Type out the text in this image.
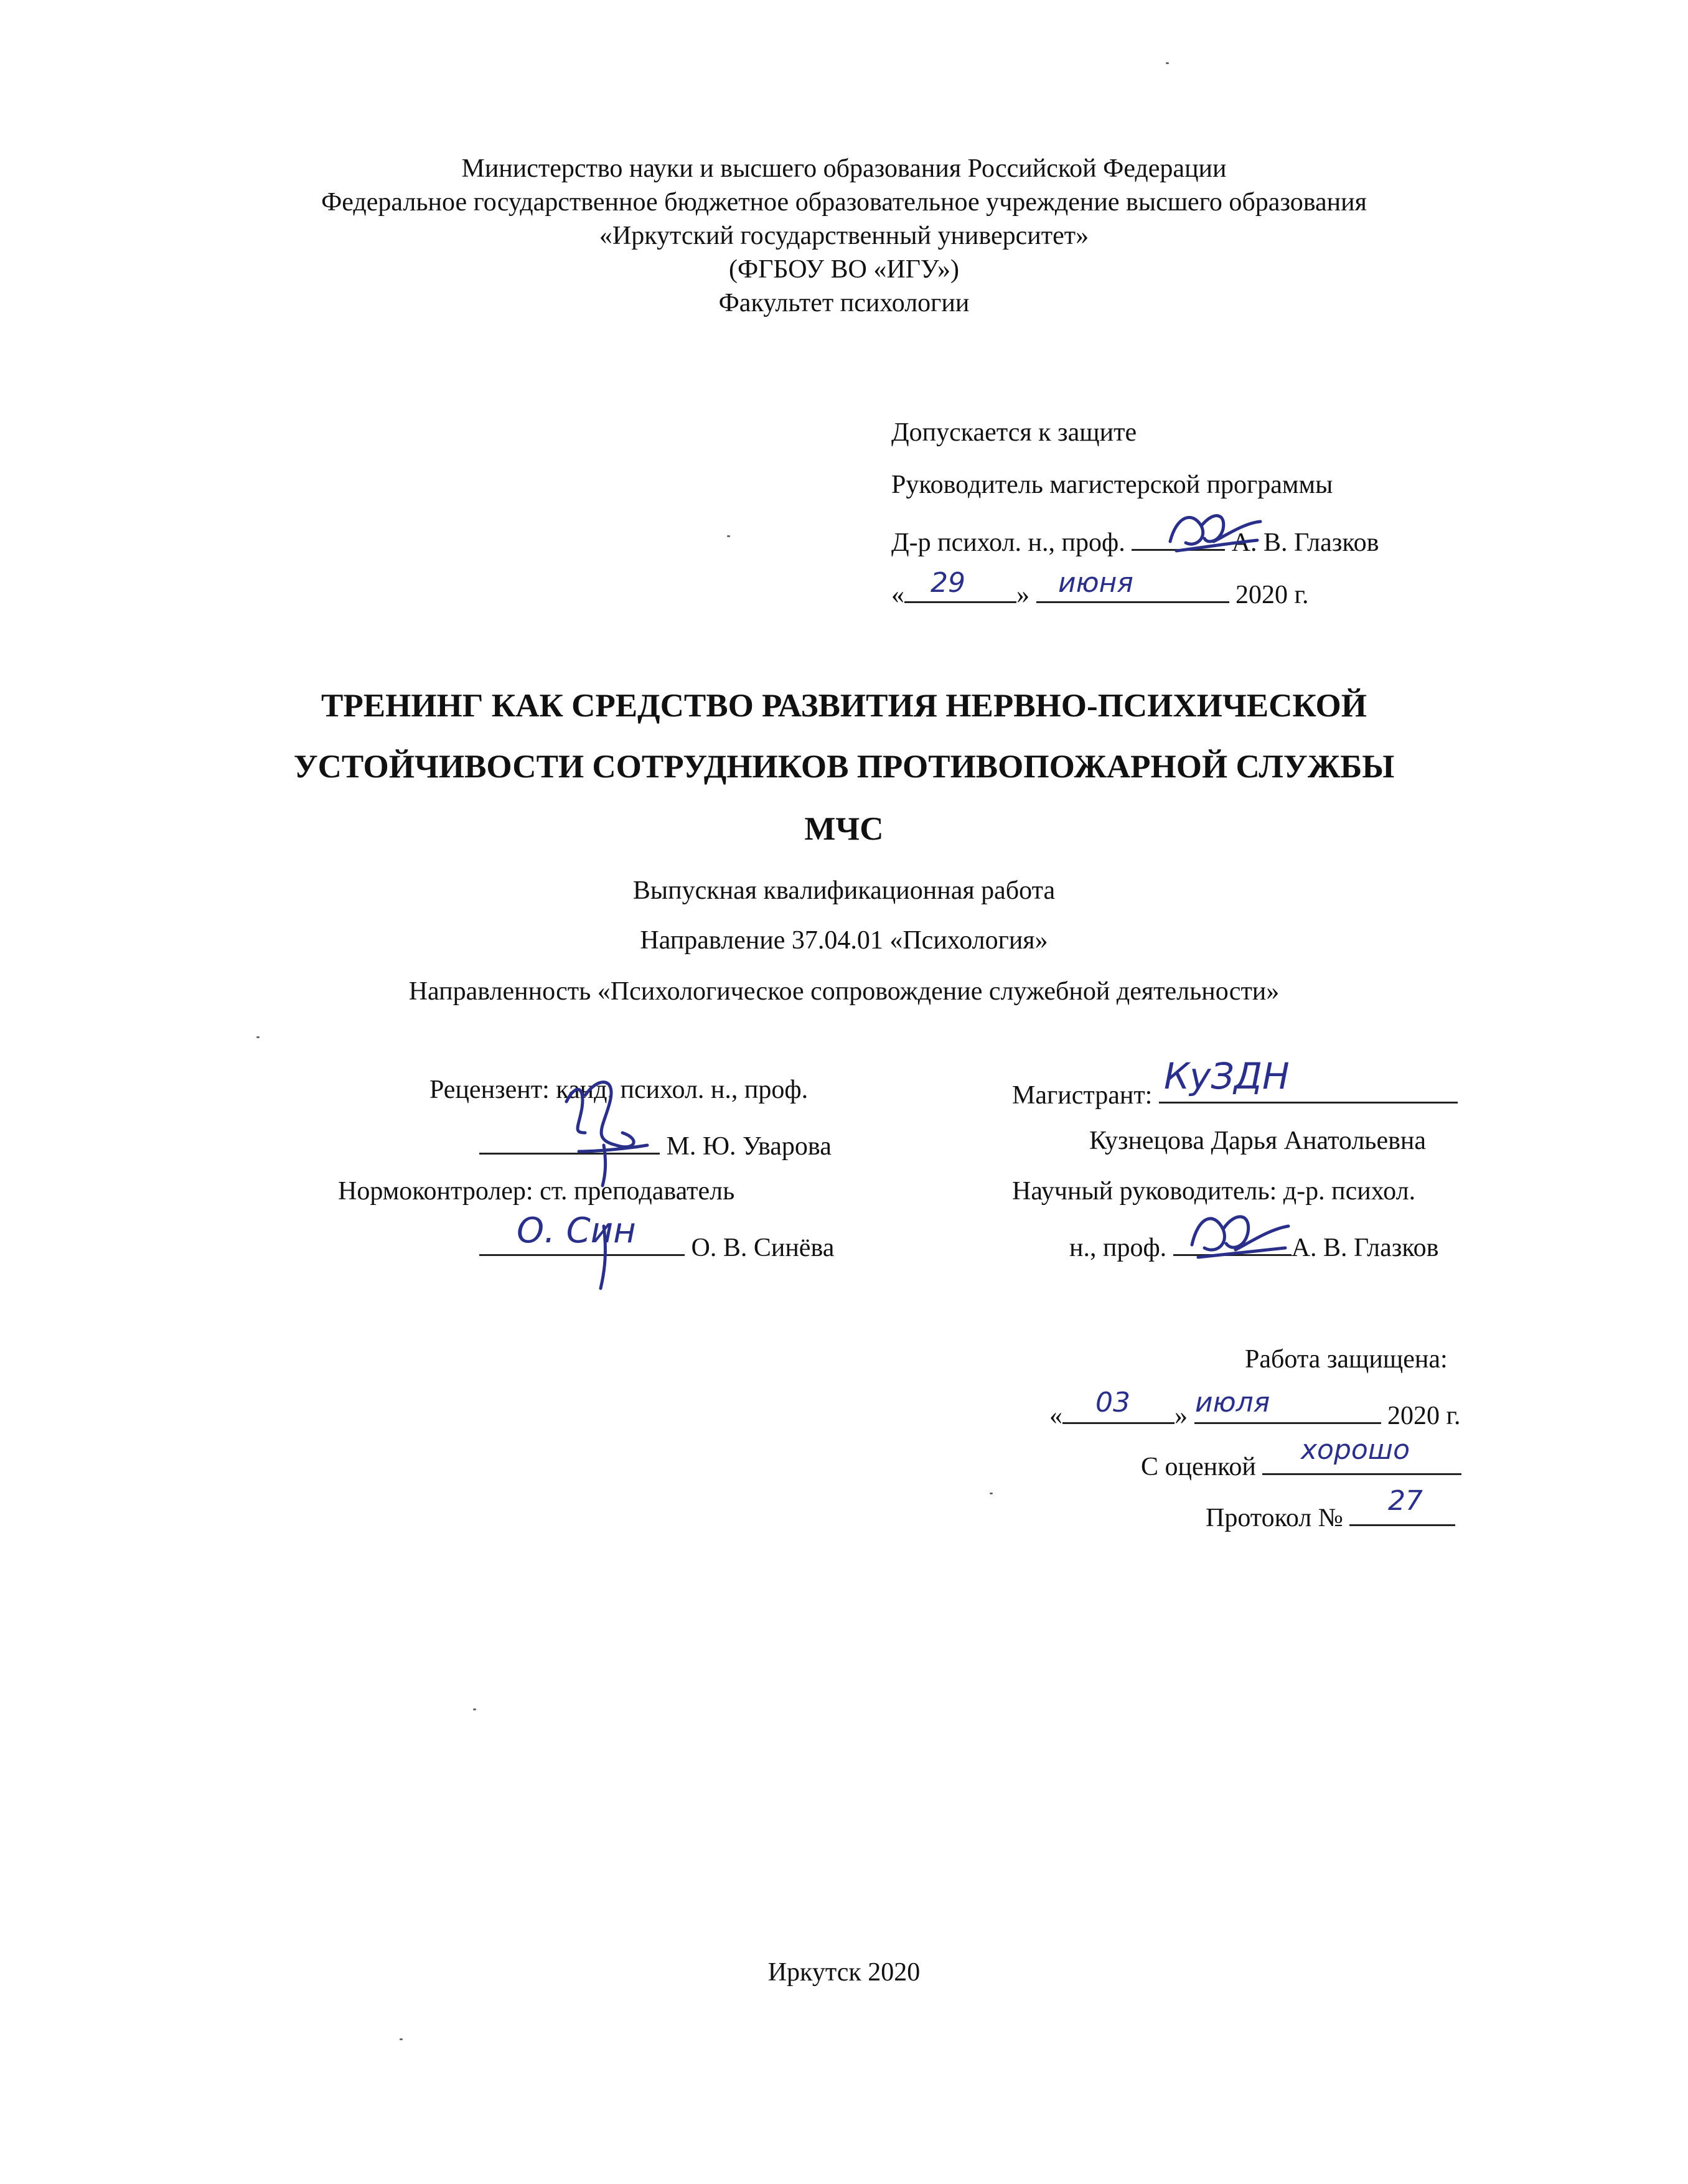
Министерство науки и высшего образования Российской Федерации
Федеральное государственное бюджетное образовательное учреждение высшего образования
«Иркутский государственный университет»
(ФГБОУ ВО «ИГУ»)
Факультет психологии
Допускается к защите
Руководитель магистерской программы
Д-р психол. н., проф.	А. В. Глазков
«	»	2020 г.
29	июня
ТРЕНИНГ КАК СРЕДСТВО РАЗВИТИЯ НЕРВНО-ПСИХИЧЕСКОЙ
УСТОЙЧИВОСТИ СОТРУДНИКОВ ПРОТИВОПОЖАРНОЙ СЛУЖБЫ
МЧС
Выпускная квалификационная работа
Направление 37.04.01 «Психология»
Направленность «Психологическое сопровождение служебной деятельности»
Рецензент: канд. психол. н., проф.
М. Ю. Уварова
Нормоконтролер: ст. преподаватель
О. В. Синёва
О. Син
Магистрант: КуЗДН
Кузнецова Дарья Анатольевна
Научный руководитель: д-р. психол.
н., проф.	А. В. Глазков
Работа защищена:
«	»	2020 г.
03 июля
С оценкой
хорошо
Протокол №
27
Иркутск 2020
